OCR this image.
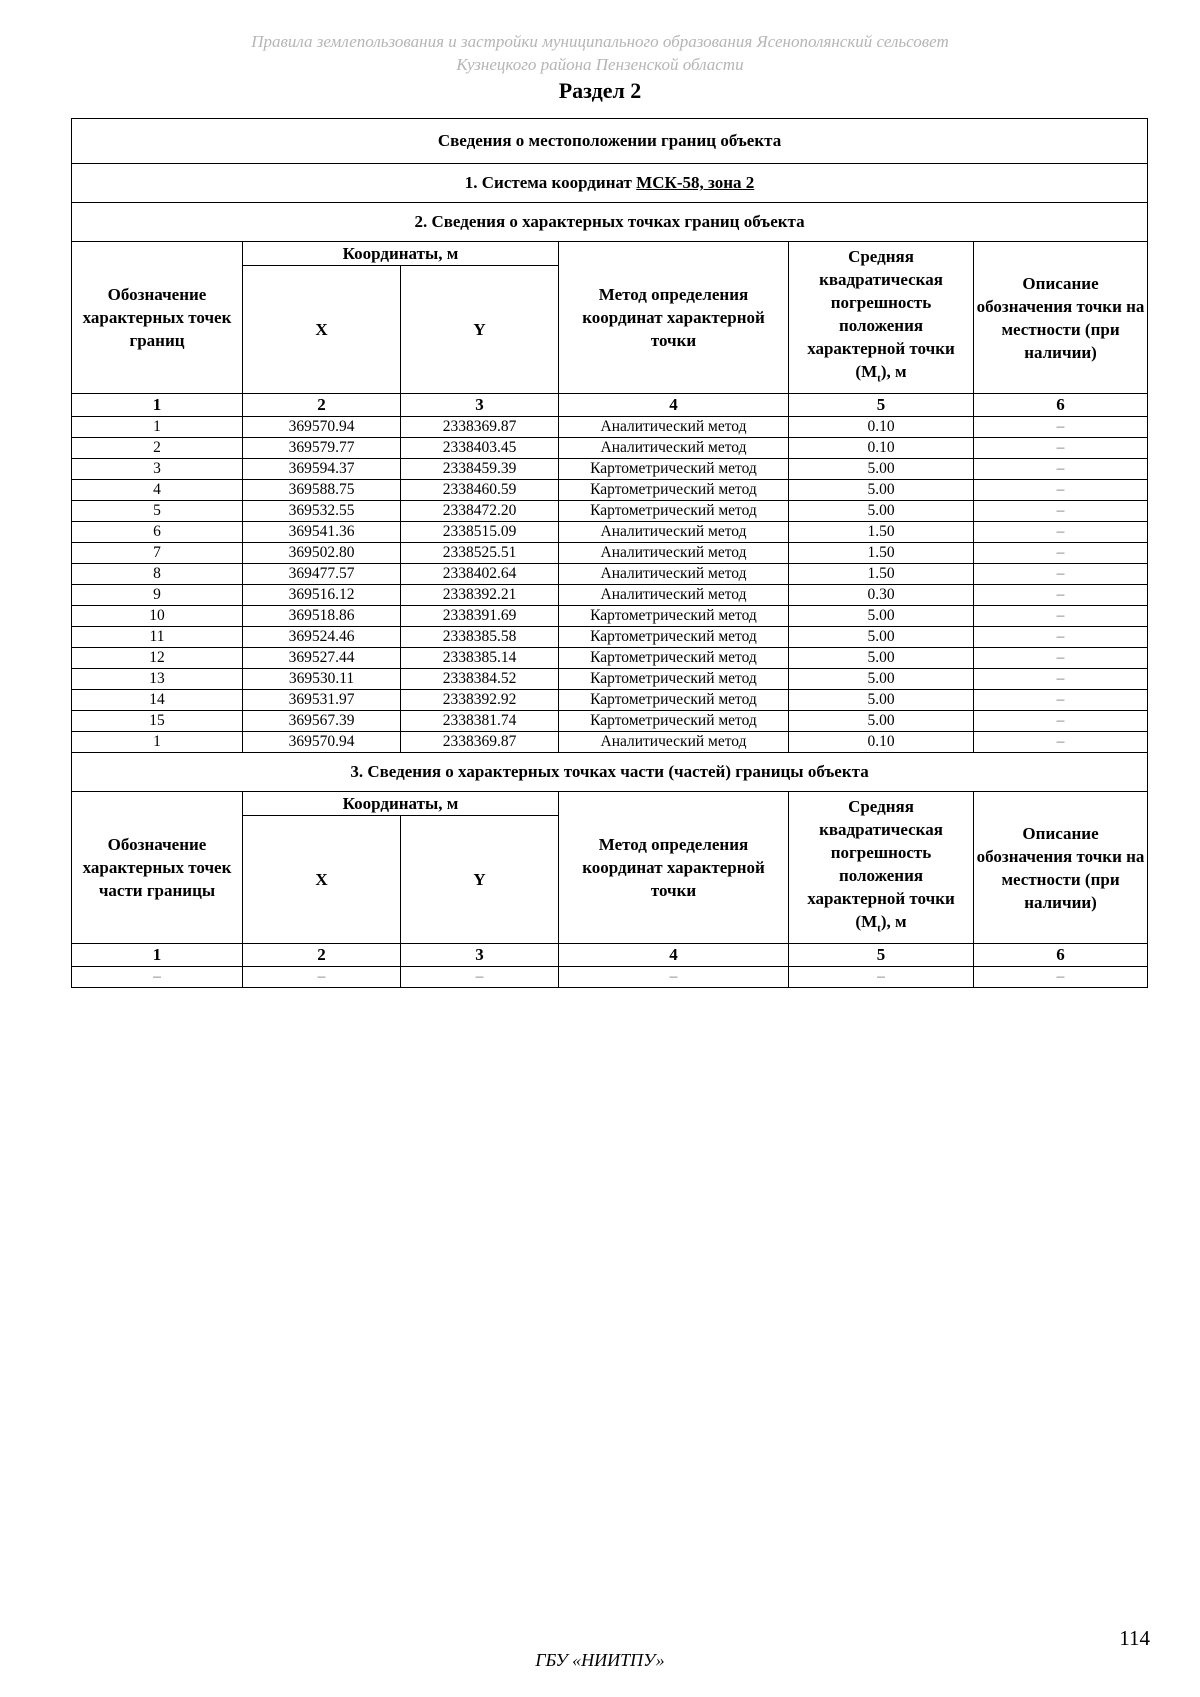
Правила землепользования и застройки муниципального образования Ясенополянский сельсовет
Кузнецкого района Пензенской области
Раздел 2
Сведения о местоположении границ объекта					
1. Система координат МСК-58, зона 2					
2. Сведения о характерных точках границ объекта					
Обозначение характерных точек границ	Координаты, м		Метод определения координат характерной точки	Средняя квадратическая погрешность положения характерной точки $(M_t)$, м	Описание обозначения точки на местности (при наличии)
	X	Y			
1	2	3	4	5	6
1	369570.94	2338369.87	Аналитический метод	0.10	–
2	369579.77	2338403.45	Аналитический метод	0.10	–
3	369594.37	2338459.39	Картометрический метод	5.00	–
4	369588.75	2338460.59	Картометрический метод	5.00	–
5	369532.55	2338472.20	Картометрический метод	5.00	–
6	369541.36	2338515.09	Аналитический метод	1.50	–
7	369502.80	2338525.51	Аналитический метод	1.50	–
8	369477.57	2338402.64	Аналитический метод	1.50	–
9	369516.12	2338392.21	Аналитический метод	0.30	–
10	369518.86	2338391.69	Картометрический метод	5.00	–
11	369524.46	2338385.58	Картометрический метод	5.00	–
12	369527.44	2338385.14	Картометрический метод	5.00	–
13	369530.11	2338384.52	Картометрический метод	5.00	–
14	369531.97	2338392.92	Картометрический метод	5.00	–
15	369567.39	2338381.74	Картометрический метод	5.00	–
1	369570.94	2338369.87	Аналитический метод	0.10	–
3. Сведения о характерных точках части (частей) границы объекта					
Обозначение характерных точек части границы	Координаты, м		Метод определения координат характерной точки	Средняя квадратическая погрешность положения характерной точки $(M_t)$, м	Описание обозначения точки на местности (при наличии)
	X	Y			
1	2	3	4	5	6
–	–	–	–	–	–
114
ГБУ «НИИТПУ»
